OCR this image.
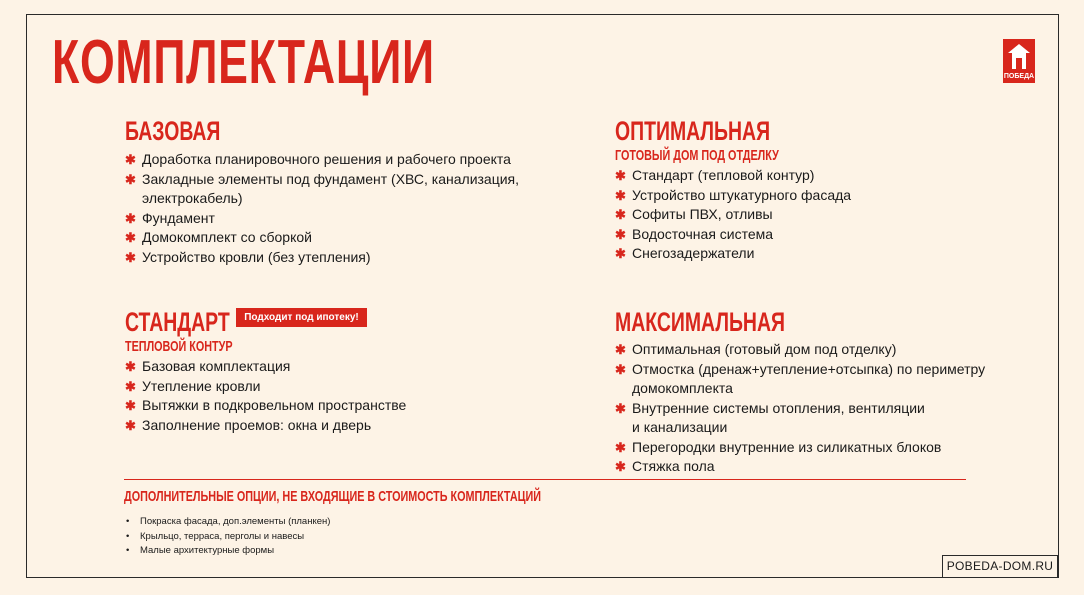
КОМПЛЕКТАЦИИ	ПОБЕДА
БАЗОВАЯ
✱ Доработка планировочного решения и рабочего проекта
✱ Закладные элементы под фундамент (ХВС, канализация,
электрокабель)
✱ Фундамент
✱ Домокомплект со сборкой
✱ Устройство кровли (без утепления)
ОПТИМАЛЬНАЯ
ГОТОВЫЙ ДОМ ПОД ОТДЕЛКУ
✱ Стандарт (тепловой контур)
✱ Устройство штукатурного фасада
✱ Софиты ПВХ, отливы
✱ Водосточная система
✱ Снегозадержатели
СТАНДАРТ
ТЕПЛОВОЙ КОНТУР
✱ Базовая комплектация
✱ Утепление кровли
✱ Вытяжки в подкровельном пространстве
✱ Заполнение проемов: окна и дверь
Подходит под ипотеку!	МАКСИМАЛЬНАЯ
✱ Оптимальная (готовый дом под отделку)
✱ Отмостка (дренаж+утепление+отсыпка) по периметру
домокомплекта
✱ Внутренние системы отопления, вентиляции
и канализации
✱ Перегородки внутренние из силикатных блоков
✱ Стяжка пола
ДОПОЛНИТЕЛЬНЫЕ ОПЦИИ, НЕ ВХОДЯЩИЕ В СТОИМОСТЬ КОМПЛЕКТАЦИЙ
• Покраска фасада, доп.элементы (планкен)
• Крыльцо, терраса, перголы и навесы
• Малые архитектурные формы
POBEDA-DOM.RU
